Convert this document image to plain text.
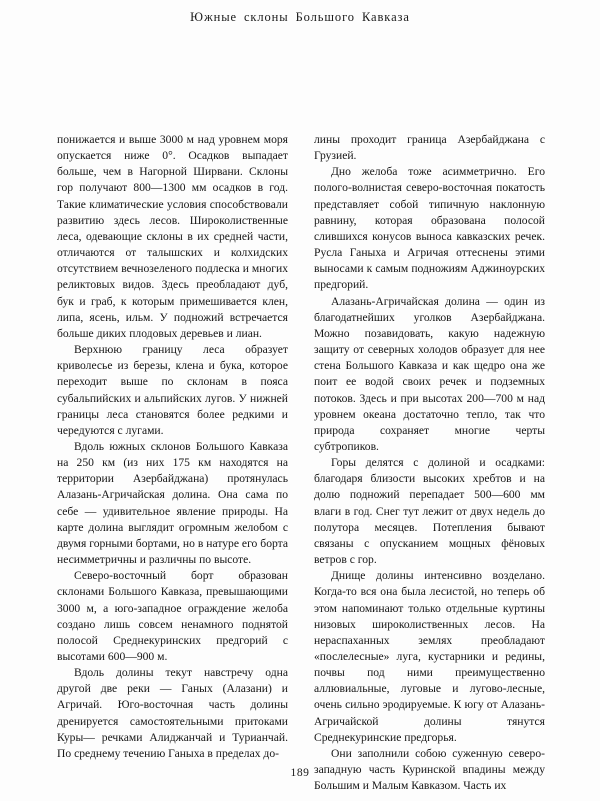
Южные склоны Большого Кавказа

понижается и выше 3000 м над уровнем моря опускается ниже 0°. Осадков выпадает больше, чем в Нагорной Ширвани. Склоны гор получают 800—1300 мм осадков в год. Такие климатические условия способствовали развитию здесь лесов. Широколиственные леса, одевающие склоны в их средней части, отличаются от талышских и колхидских отсутствием вечнозеленого подлеска и многих реликтовых видов. Здесь преобладают дуб, бук и граб, к которым примешивается клен, липа, ясень, ильм. У подножий встречается больше диких плодовых деревьев и лиан.

Верхнюю границу леса образует криволесье из березы, клена и бука, которое переходит выше по склонам в пояса субальпийских и альпийских лугов. У нижней границы леса становятся более редкими и чередуются с лугами.

Вдоль южных склонов Большого Кавказа на 250 км (из них 175 км находятся на территории Азербайджана) протянулась Алазань-Агричайская долина. Она сама по себе — удивительное явление природы. На карте долина выглядит огромным желобом с двумя горными бортами, но в натуре его борта несимметричны и различны по высоте.

Северо-восточный борт образован склонами Большого Кавказа, превышающими 3000 м, а юго-западное ограждение желоба создано лишь совсем ненамного поднятой полосой Среднекуринских предгорий с высотами 600—900 м.

Вдоль долины текут навстречу одна другой две реки — Ганых (Алазани) и Агричай. Юго-восточная часть долины дренируется самостоятельными притоками Куры— речками Алиджанчай и Турианчай. По среднему течению Ганыха в пределах до-

лины проходит граница Азербайджана с Грузией.

Дно желоба тоже асимметрично. Его пологo-волнистая северо-восточная покатость представляет собой типичную наклонную равнину, которая образована полосой слившихся конусов выноса кавказских речек. Русла Ганыха и Агричая оттеснены этими выносами к самым подножиям Аджиноурских предгорий.

Алазань-Агричайская долина — один из благодатнейших уголков Азербайджана. Можно позавидовать, какую надежную защиту от северных холодов образует для нее стена Большого Кавказа и как щедро она же поит ее водой своих речек и подземных потоков. Здесь и при высотах 200—700 м над уровнем океана достаточно тепло, так что природа сохраняет многие черты субтропиков.

Горы делятся с долиной и осадками: благодаря близости высоких хребтов и на долю подножий перепадает 500—600 мм влаги в год. Снег тут лежит от двух недель до полутора месяцев. Потепления бывают связаны с опусканием мощных фёновых ветров с гор.

Днище долины интенсивно возделано. Когда-то вся она была лесистой, но теперь об этом напоминают только отдельные куртины низовых широколиственных лесов. На нераспаханных землях преобладают «послелесные» луга, кустарники и редины, почвы под ними преимущественно аллювиальные, луговые и лугово-лесные, очень сильно эродируемые. К югу от Алазань-Агричайской долины тянутся Среднекуринские предгорья.

Они заполнили собою суженную северо-западную часть Куринской впадины между Большим и Малым Кавказом. Часть их

189
